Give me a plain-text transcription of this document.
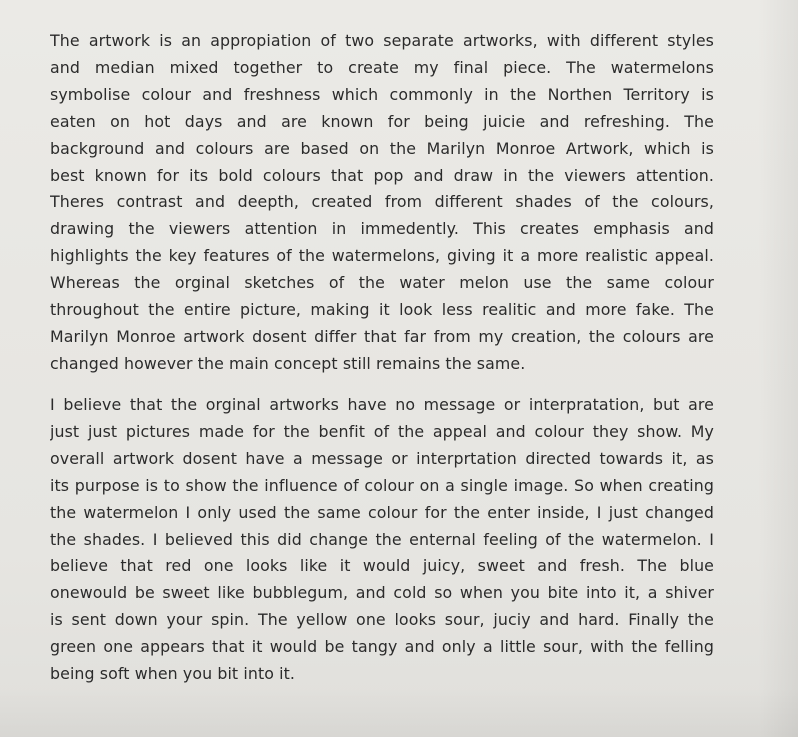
The artwork is an appropiation of two separate artworks, with different styles
and median mixed together to create my final piece. The watermelons
symbolise colour and freshness which commonly in the Northen Territory is
eaten on hot days and are known for being juicie and refreshing. The
background and colours are based on the Marilyn Monroe Artwork, which is
best known for its bold colours that pop and draw in the viewers attention.
Theres contrast and deepth, created from different shades of the colours,
drawing the viewers attention in immedently. This creates emphasis and
highlights the key features of the watermelons, giving it a more realistic appeal.
Whereas the orginal sketches of the water melon use the same colour
throughout the entire picture, making it look less realitic and more fake. The
Marilyn Monroe artwork dosent differ that far from my creation, the colours are
changed however the main concept still remains the same.
I believe that the orginal artworks have no message or interpratation, but are
just just pictures made for the benfit of the appeal and colour they show. My
overall artwork dosent have a message or interprtation directed towards it, as
its purpose is to show the influence of colour on a single image. So when creating
the watermelon I only used the same colour for the enter inside, I just changed
the shades. I believed this did change the enternal feeling of the watermelon. I
believe that red one looks like it would juicy, sweet and fresh. The blue
onewould be sweet like bubblegum, and cold so when you bite into it, a shiver
is sent down your spin. The yellow one looks sour, juciy and hard. Finally the
green one appears that it would be tangy and only a little sour, with the felling
being soft when you bit into it.
